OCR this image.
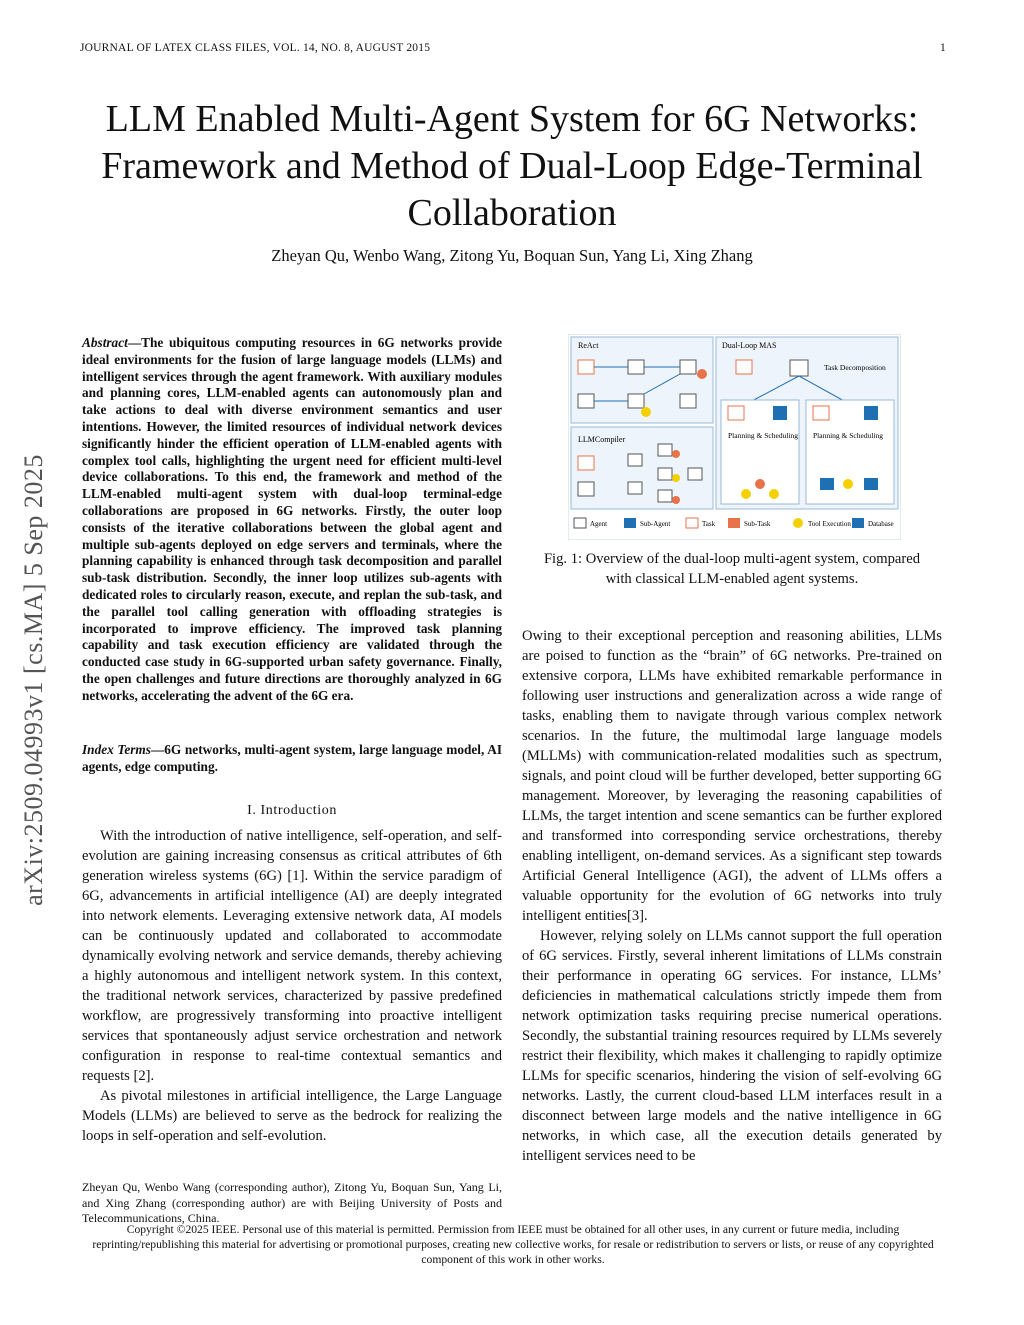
JOURNAL OF LATEX CLASS FILES, VOL. 14, NO. 8, AUGUST 2015	1
LLM Enabled Multi-Agent System for 6G Networks: Framework and Method of Dual-Loop Edge-Terminal Collaboration
Zheyan Qu, Wenbo Wang, Zitong Yu, Boquan Sun, Yang Li, Xing Zhang
arXiv:2509.04993v1 [cs.MA] 5 Sep 2025
Abstract—The ubiquitous computing resources in 6G networks provide ideal environments for the fusion of large language models (LLMs) and intelligent services through the agent framework. With auxiliary modules and planning cores, LLM-enabled agents can autonomously plan and take actions to deal with diverse environment semantics and user intentions. However, the limited resources of individual network devices significantly hinder the efficient operation of LLM-enabled agents with complex tool calls, highlighting the urgent need for efficient multi-level device collaborations. To this end, the framework and method of the LLM-enabled multi-agent system with dual-loop terminal-edge collaborations are proposed in 6G networks. Firstly, the outer loop consists of the iterative collaborations between the global agent and multiple sub-agents deployed on edge servers and terminals, where the planning capability is enhanced through task decomposition and parallel sub-task distribution. Secondly, the inner loop utilizes sub-agents with dedicated roles to circularly reason, execute, and replan the sub-task, and the parallel tool calling generation with offloading strategies is incorporated to improve efficiency. The improved task planning capability and task execution efficiency are validated through the conducted case study in 6G-supported urban safety governance. Finally, the open challenges and future directions are thoroughly analyzed in 6G networks, accelerating the advent of the 6G era.
Index Terms—6G networks, multi-agent system, large language model, AI agents, edge computing.
I. Introduction

With the introduction of native intelligence, self-operation, and self-evolution are gaining increasing consensus as critical attributes of 6th generation wireless systems (6G) [1]. Within the service paradigm of 6G, advancements in artificial intelligence (AI) are deeply integrated into network elements. Leveraging extensive network data, AI models can be continuously updated and collaborated to accommodate dynamically evolving network and service demands, thereby achieving a highly autonomous and intelligent network system. In this context, the traditional network services, characterized by passive predefined workflow, are progressively transforming into proactive intelligent services that spontaneously adjust service orchestration and network configuration in response to real-time contextual semantics and requests [2].

As pivotal milestones in artificial intelligence, the Large Language Models (LLMs) are believed to serve as the bedrock for realizing the loops in self-operation and self-evolution.

Zheyan Qu, Wenbo Wang (corresponding author), Zitong Yu, Boquan Sun, Yang Li, and Xing Zhang (corresponding author) are with Beijing University of Posts and Telecommunications, China.
ReAct
LLMCompiler
Dual-Loop MAS
Task Decomposition
Planning & Scheduling Planning & Scheduling
Agent	Sub-Agent	Task	Sub-Task	Tool Execution Database
Fig. 1: Overview of the dual-loop multi-agent system, compared with classical LLM-enabled agent systems.

Owing to their exceptional perception and reasoning abilities, LLMs are poised to function as the “brain” of 6G networks. Pre-trained on extensive corpora, LLMs have exhibited remarkable performance in following user instructions and generalization across a wide range of tasks, enabling them to navigate through various complex network scenarios. In the future, the multimodal large language models (MLLMs) with communication-related modalities such as spectrum, signals, and point cloud will be further developed, better supporting 6G management. Moreover, by leveraging the reasoning capabilities of LLMs, the target intention and scene semantics can be further explored and transformed into corresponding service orchestrations, thereby enabling intelligent, on-demand services. As a significant step towards Artificial General Intelligence (AGI), the advent of LLMs offers a valuable opportunity for the evolution of 6G networks into truly intelligent entities[3].

However, relying solely on LLMs cannot support the full operation of 6G services. Firstly, several inherent limitations of LLMs constrain their performance in operating 6G services. For instance, LLMs’ deficiencies in mathematical calculations strictly impede them from network optimization tasks requiring precise numerical operations. Secondly, the substantial training resources required by LLMs severely restrict their flexibility, which makes it challenging to rapidly optimize LLMs for specific scenarios, hindering the vision of self-evolving 6G networks. Lastly, the current cloud-based LLM interfaces result in a disconnect between large models and the native intelligence in 6G networks, in which case, all the execution details generated by intelligent services need to be

Copyright ©2025 IEEE. Personal use of this material is permitted. Permission from IEEE must be obtained for all other uses, in any current or future media, including reprinting/republishing this material for advertising or promotional purposes, creating new collective works, for resale or redistribution to servers or lists, or reuse of any copyrighted component of this work in other works.
